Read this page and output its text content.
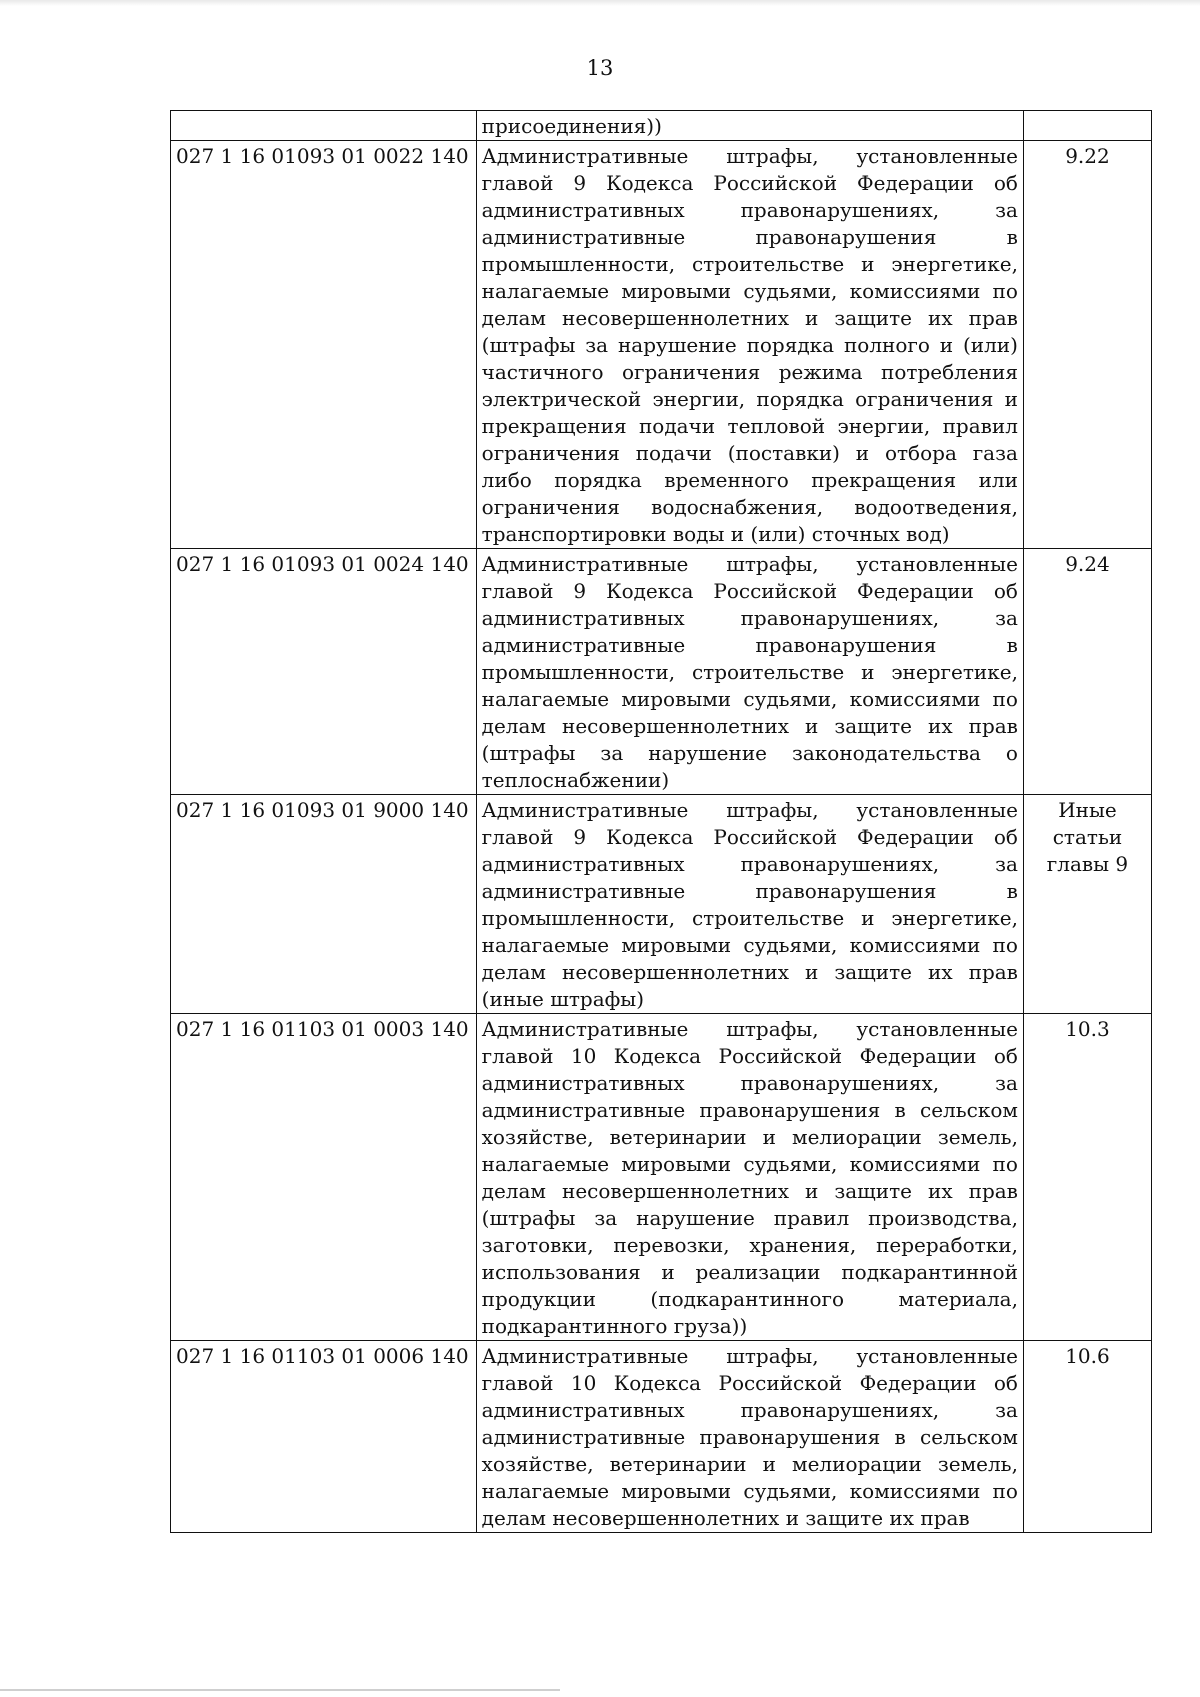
13
	присоединения))	
027 1 16 01093 01 0022 140	Административные штрафы, установленные главой 9 Кодекса Российской Федерации об административных правонарушениях, за административные правонарушения в промышленности, строительстве и энергетике, налагаемые мировыми судьями, комиссиями по делам несовершеннолетних и защите их прав (штрафы за нарушение порядка полного и (или) частичного ограничения режима потребления электрической энергии, порядка ограничения и прекращения подачи тепловой энергии, правил ограничения подачи (поставки) и отбора газа либо порядка временного прекращения или ограничения водоснабжения, водоотведения, транспортировки воды и (или) сточных вод)	9.22
027 1 16 01093 01 0024 140	Административные штрафы, установленные главой 9 Кодекса Российской Федерации об административных правонарушениях, за административные правонарушения в промышленности, строительстве и энергетике, налагаемые мировыми судьями, комиссиями по делам несовершеннолетних и защите их прав (штрафы за нарушение законодательства о теплоснабжении)	9.24
027 1 16 01093 01 9000 140	Административные штрафы, установленные главой 9 Кодекса Российской Федерации об административных правонарушениях, за административные правонарушения в промышленности, строительстве и энергетике, налагаемые мировыми судьями, комиссиями по делам несовершеннолетних и защите их прав (иные штрафы)	Иные статьи главы 9
027 1 16 01103 01 0003 140	Административные штрафы, установленные главой 10 Кодекса Российской Федерации об административных правонарушениях, за административные правонарушения в сельском хозяйстве, ветеринарии и мелиорации земель, налагаемые мировыми судьями, комиссиями по делам несовершеннолетних и защите их прав (штрафы за нарушение правил производства, заготовки, перевозки, хранения, переработки, использования и реализации подкарантинной продукции (подкарантинного материала, подкарантинного груза))	10.3
027 1 16 01103 01 0006 140	Административные штрафы, установленные главой 10 Кодекса Российской Федерации об административных правонарушениях, за административные правонарушения в сельском хозяйстве, ветеринарии и мелиорации земель, налагаемые мировыми судьями, комиссиями по делам несовершеннолетних и защите их прав	10.6
